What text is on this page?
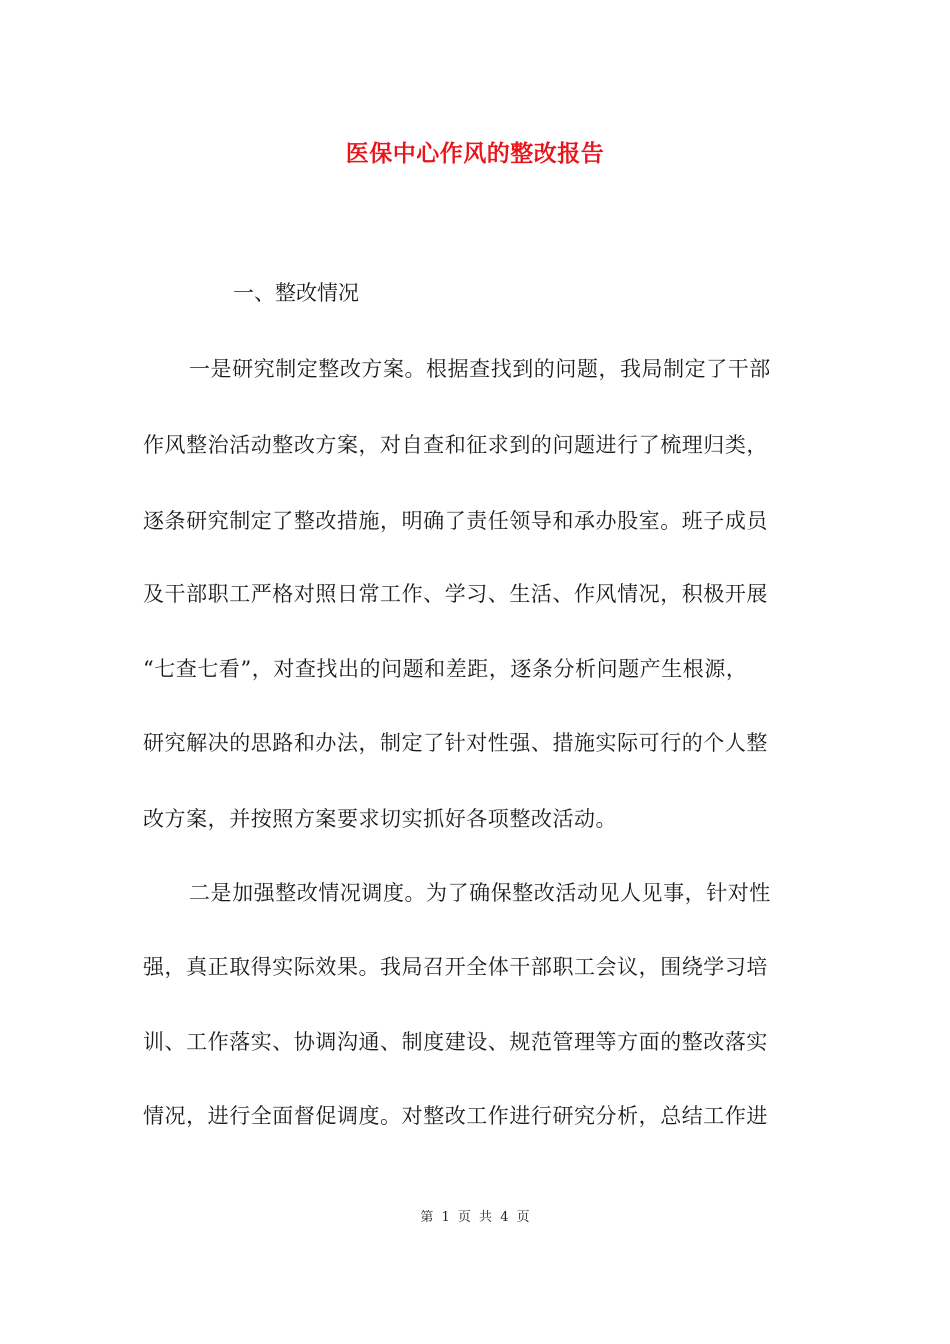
医保中心作风的整改报告
一、整改情况
一是研究制定整改方案。根据查找到的问题，我局制定了干部
作风整治活动整改方案，对自查和征求到的问题进行了梳理归类，
逐条研究制定了整改措施，明确了责任领导和承办股室。班子成员
及干部职工严格对照日常工作、学习、生活、作风情况，积极开展
“七查七看”，对查找出的问题和差距，逐条分析问题产生根源，
研究解决的思路和办法，制定了针对性强、措施实际可行的个人整
改方案，并按照方案要求切实抓好各项整改活动。
二是加强整改情况调度。为了确保整改活动见人见事，针对性
强，真正取得实际效果。我局召开全体干部职工会议，围绕学习培
训、工作落实、协调沟通、制度建设、规范管理等方面的整改落实
情况，进行全面督促调度。对整改工作进行研究分析，总结工作进
第 1 页 共 4 页
